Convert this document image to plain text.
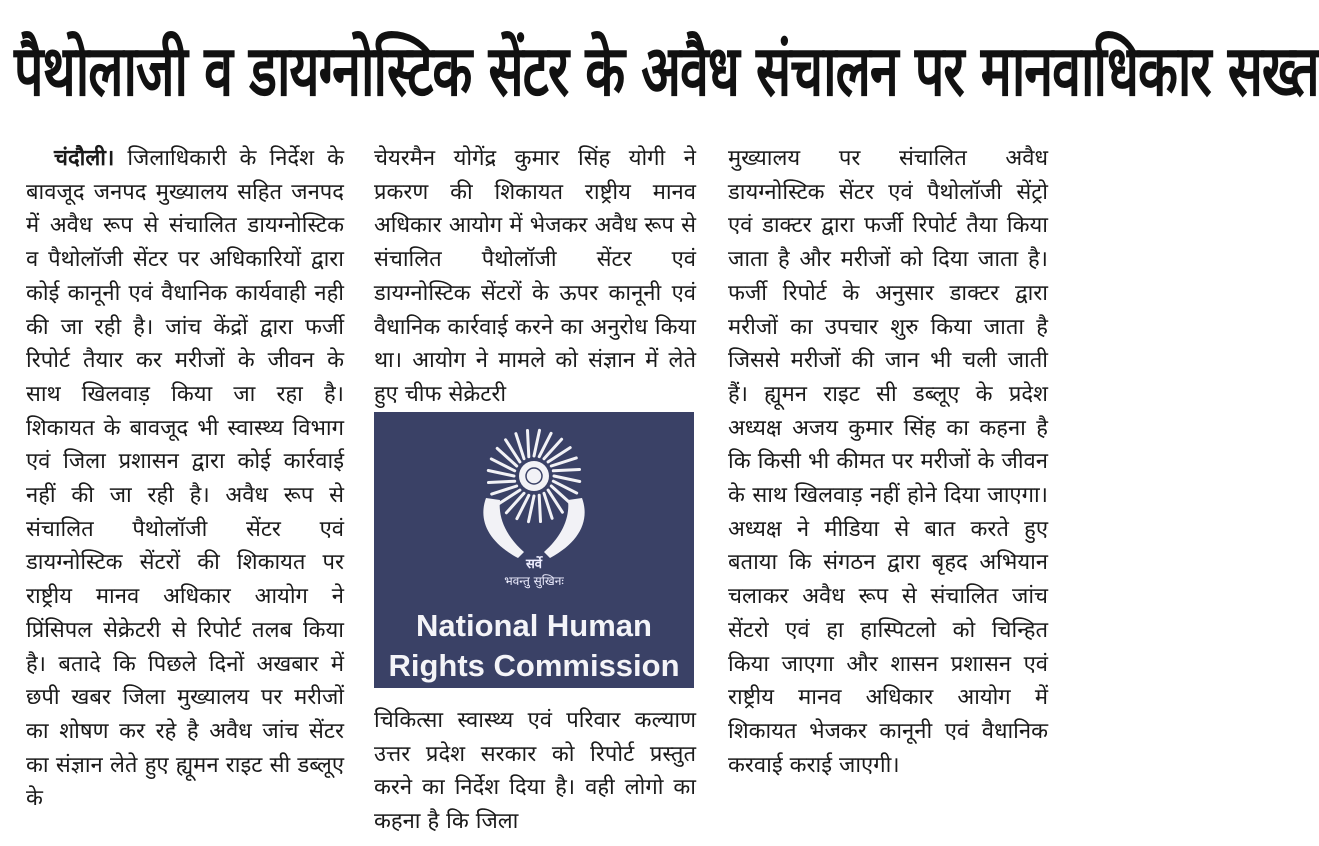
पैथोलाजी व डायग्नोस्टिक सेंटर के अवैध संचालन पर मानवाधिकार सख्त

चंदौली। जिलाधिकारी के निर्देश के बावजूद जनपद मुख्यालय सहित जनपद में अवैध रूप से संचालित डायग्नोस्टिक व पैथोलॉजी सेंटर पर अधिकारियों द्वारा कोई कानूनी एवं वैधानिक कार्यवाही नही की जा रही है। जांच केंद्रों द्वारा फर्जी रिपोर्ट तैयार कर मरीजों के जीवन के साथ खिलवाड़ किया जा रहा है। शिकायत के बावजूद भी स्वास्थ्य विभाग एवं जिला प्रशासन द्वारा कोई कार्रवाई नहीं की जा रही है। अवैध रूप से संचालित पैथोलॉजी सेंटर एवं डायग्नोस्टिक सेंटरों की शिकायत पर राष्ट्रीय मानव अधिकार आयोग ने प्रिंसिपल सेक्रेटरी से रिपोर्ट तलब किया है। बतादे कि पिछले दिनों अखबार में छपी खबर जिला मुख्यालय पर मरीजों का शोषण कर रहे है अवैध जांच सेंटर का संज्ञान लेते हुए ह्यूमन राइट सी डब्लूए के

चेयरमैन योगेंद्र कुमार सिंह योगी ने प्रकरण की शिकायत राष्ट्रीय मानव अधिकार आयोग में भेजकर अवैध रूप से संचालित पैथोलॉजी सेंटर एवं डायग्नोस्टिक सेंटरों के ऊपर कानूनी एवं वैधानिक कार्रवाई करने का अनुरोध किया था। आयोग ने मामले को संज्ञान में लेते हुए चीफ सेक्रेटरी

चिकित्सा स्वास्थ्य एवं परिवार कल्याण उत्तर प्रदेश सरकार को रिपोर्ट प्रस्तुत करने का निर्देश दिया है। वही लोगो का कहना है कि जिला

सर्वे
भवन्तु सुखिनः
National Human
Rights Commission

मुख्यालय पर संचालित अवैध डायग्नोस्टिक सेंटर एवं पैथोलॉजी सेंट्रो एवं डाक्टर द्वारा फर्जी रिपोर्ट तैया किया जाता है और मरीजों को दिया जाता है। फर्जी रिपोर्ट के अनुसार डाक्टर द्वारा मरीजों का उपचार शुरु किया जाता है जिससे मरीजों की जान भी चली जाती हैं। ह्यूमन राइट सी डब्लूए के प्रदेश अध्यक्ष अजय कुमार सिंह का कहना है कि किसी भी कीमत पर मरीजों के जीवन के साथ खिलवाड़ नहीं होने दिया जाएगा। अध्यक्ष ने मीडिया से बात करते हुए बताया कि संगठन द्वारा बृहद अभियान चलाकर अवैध रूप से संचालित जांच सेंटरो एवं हा हास्पिटलो को चिन्हित किया जाएगा और शासन प्रशासन एवं राष्ट्रीय मानव अधिकार आयोग में शिकायत भेजकर कानूनी एवं वैधानिक करवाई कराई जाएगी।
